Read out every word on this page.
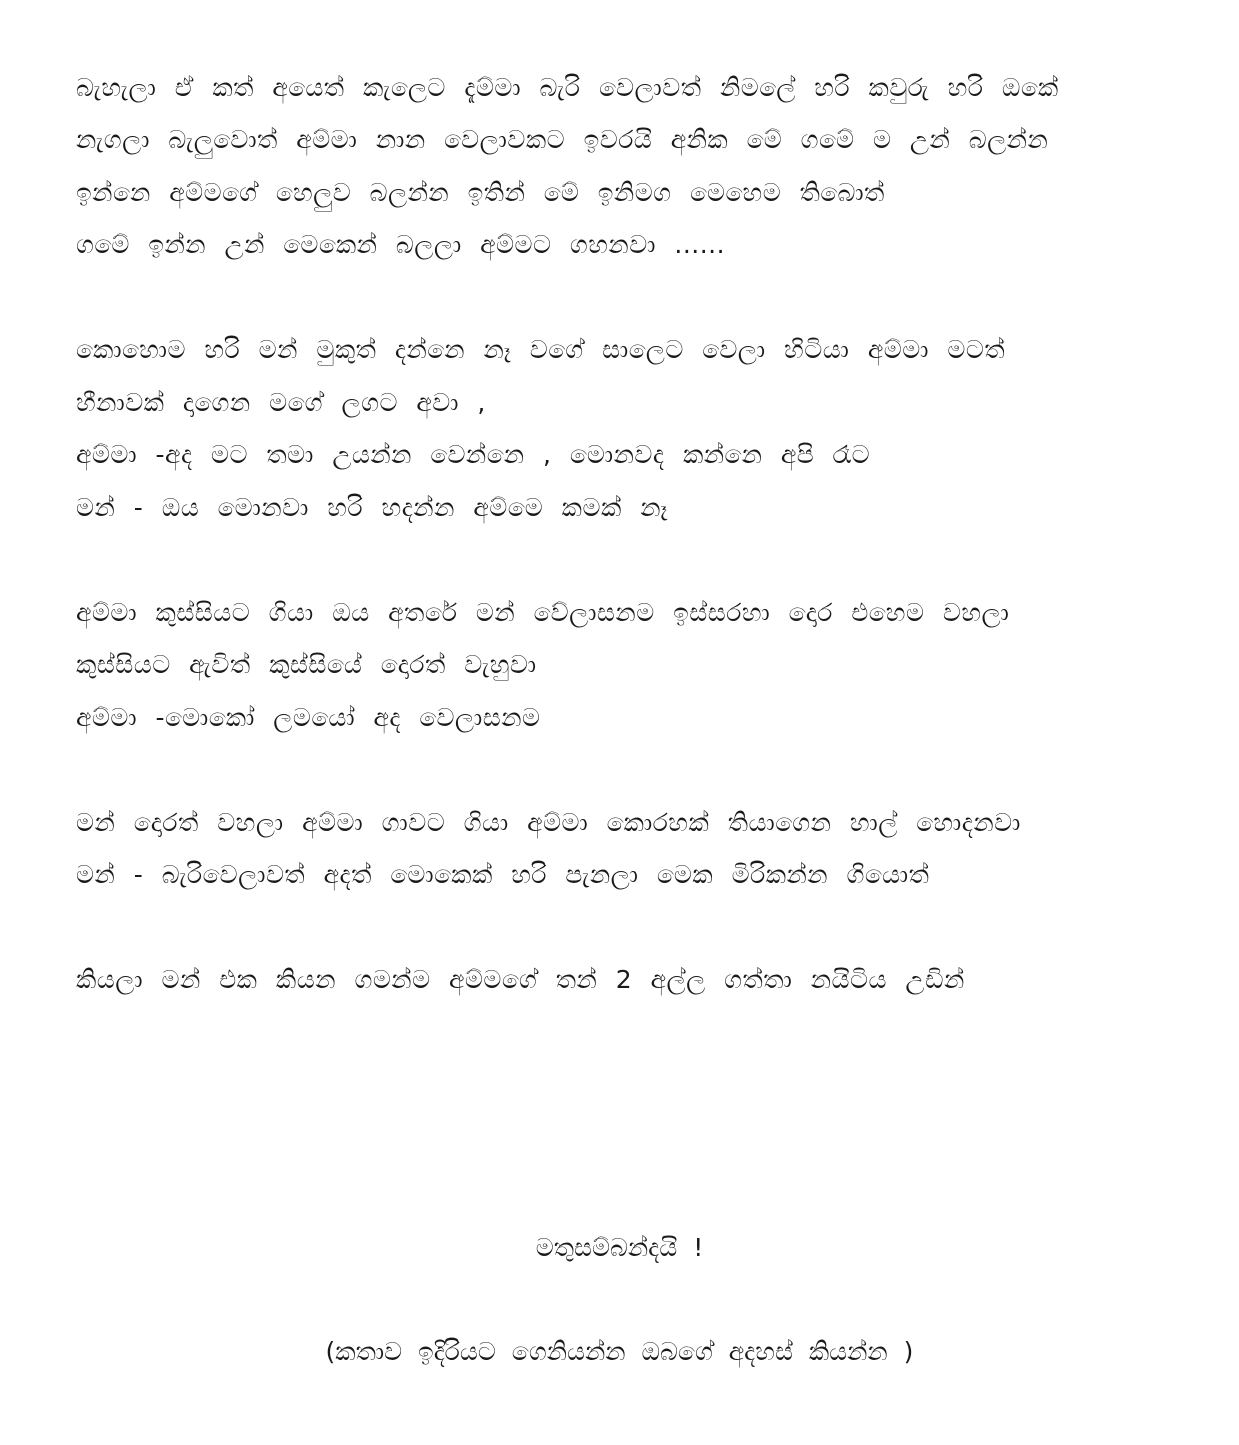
බැහැලා ඒ කත් අයෙත් කැලෙට දැම්මා බැරි වෙලාවත් නිමලේ හරි කවුරු හරි ඔකේ
නැගලා බැලුවොත් අම්මා නාන වෙලාවකට ඉවරයි අනික මේ ගමේ ම උන් බලන්න
ඉන්නෙ අම්මගේ හෙලුව බලන්න ඉතින් මේ ඉනිමග මෙහෙම තිබොත්
ගමේ ඉන්න උන් මෙකෙන් බලලා අම්මට ගහනවා ......
කොහොම හරි මන් මුකුත් දන්නෙ නෑ වගේ සාලෙට වෙලා හිටියා අම්මා මටත්
හීනාවක් දාගෙන මගේ ලගට අවා ,
අම්මා -අද මට තමා උයන්න වෙන්නෙ , මොනවද කන්නෙ අපි රෑට
මන් - ඔය මොනවා හරි හදන්න අම්මෙ කමක් නෑ
අම්මා කුස්සියට ගියා ඔය අතරේ මන් වේලාසනම ඉස්සරහා දොර එහෙම වහලා
කුස්සියට ඇවිත් කුස්සියේ දොරත් වැහුවා
අම්මා -මොකෝ ලමයෝ අද වෙලාසනම
මන් දොරත් වහලා අම්මා ගාවට ගියා අම්මා කොරහක් තියාගෙන හාල් හොදනවා
මන් - බැරිවෙලාවත් අදත් මොකෙක් හරි පැනලා මෙක මිරිකන්න ගියොත්
කියලා මන් එක කියන ගමන්ම අම්මගේ තන් 2 අල්ල ගත්තා නයිටිය උඩින්
මතුසම්බන්දයි !
(කතාව ඉදිරියට ගෙනියන්න ඔබගේ අදහස් කියන්න )
